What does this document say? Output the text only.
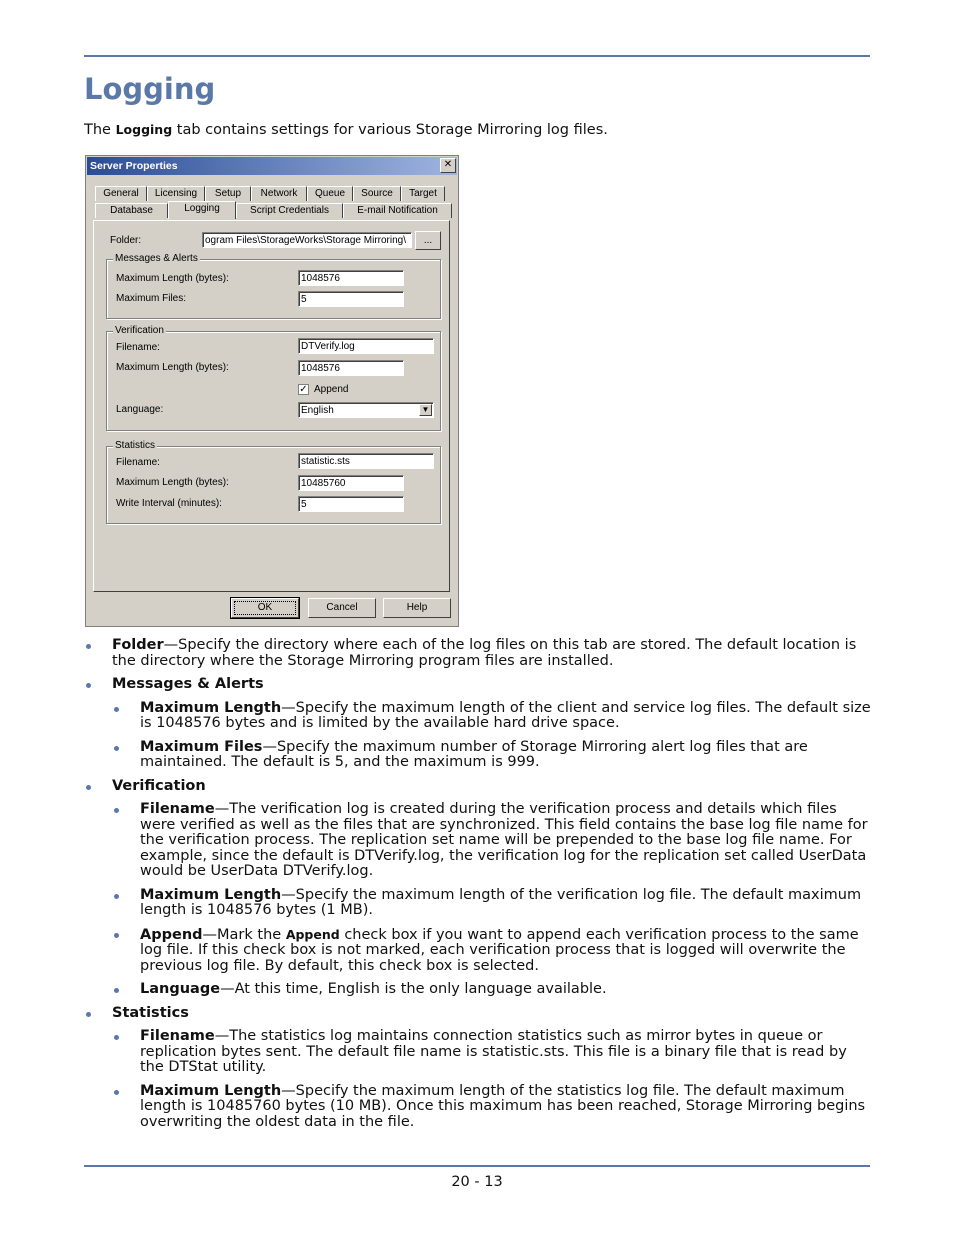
Logging

The Logging tab contains settings for various Storage Mirroring log files.

Server Properties	✕
General	Licensing	Setup	Network	Queue	Source	Target
Database	Logging	Script Credentials	E-mail Notification
Folder:	ogram Files\StorageWorks\Storage Mirroring\	...
Messages & Alerts
Maximum Length (bytes):	1048576
Maximum Files:	5
Verification
Filename:	DTVerify.log
Maximum Length (bytes):	1048576
✓ Append
Language:	English	▼
Statistics
Filename:	statistic.sts
Maximum Length (bytes):	10485760
Write Interval (minutes):	5
OK	Cancel	Help
Folder—Specify the directory where each of the log files on this tab are stored. The default location is the directory where the Storage Mirroring program files are installed.
Messages & Alerts
Maximum Length—Specify the maximum length of the client and service log files. The default size is 1048576 bytes and is limited by the available hard drive space.
Maximum Files—Specify the maximum number of Storage Mirroring alert log files that are maintained. The default is 5, and the maximum is 999.
Verification
Filename—The verification log is created during the verification process and details which files were verified as well as the files that are synchronized. This field contains the base log file name for the verification process. The replication set name will be prepended to the base log file name. For example, since the default is DTVerify.log, the verification log for the replication set called UserData would be UserData DTVerify.log.
Maximum Length—Specify the maximum length of the verification log file. The default maximum length is 1048576 bytes (1 MB).
Append—Mark the Append check box if you want to append each verification process to the same log file. If this check box is not marked, each verification process that is logged will overwrite the previous log file. By default, this check box is selected.
Language—At this time, English is the only language available.
Statistics
Filename—The statistics log maintains connection statistics such as mirror bytes in queue or replication bytes sent. The default file name is statistic.sts. This file is a binary file that is read by the DTStat utility.
Maximum Length—Specify the maximum length of the statistics log file. The default maximum length is 10485760 bytes (10 MB). Once this maximum has been reached, Storage Mirroring begins overwriting the oldest data in the file.
20 - 13
